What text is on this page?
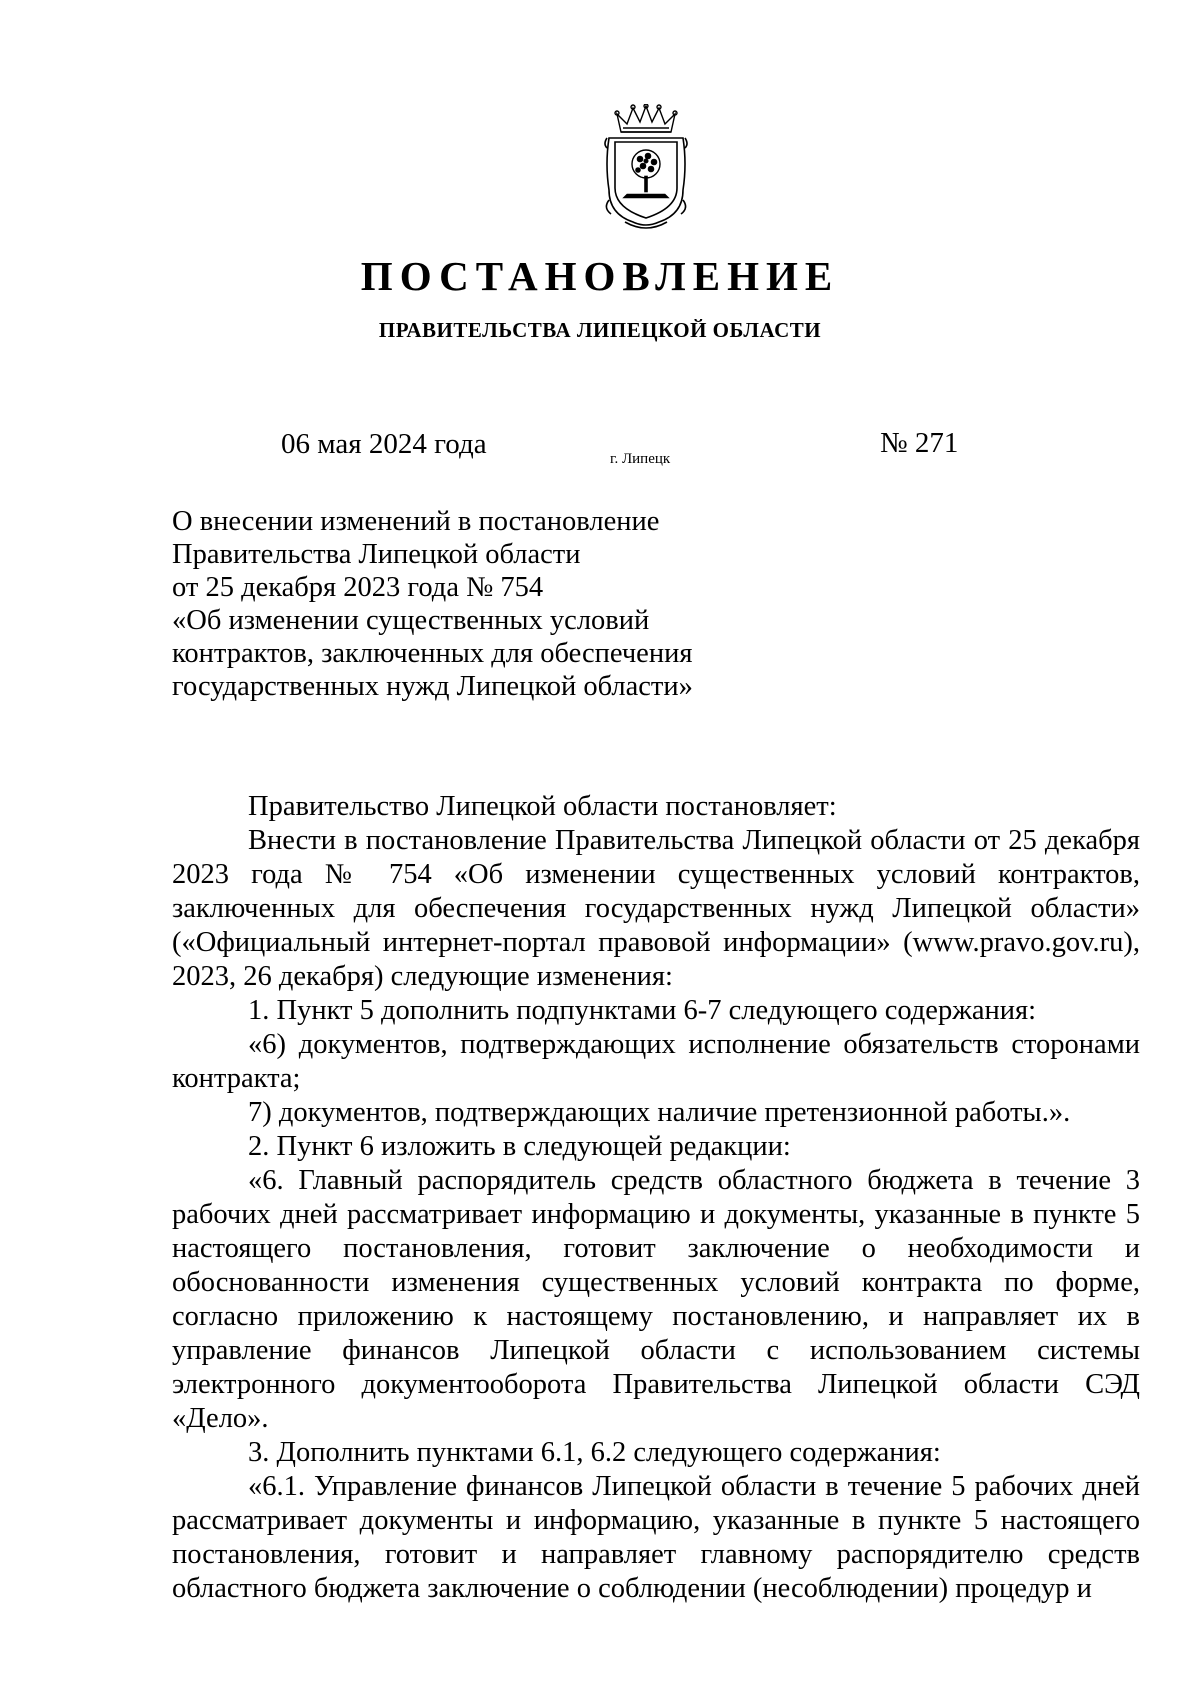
ПОСТАНОВЛЕНИЕ
ПРАВИТЕЛЬСТВА ЛИПЕЦКОЙ ОБЛАСТИ
06 мая 2024 года	г. Липецк	№ 271
О внесении изменений в постановление
Правительства Липецкой области
от 25 декабря 2023 года № 754
«Об изменении существенных условий
контрактов, заключенных для обеспечения
государственных нужд Липецкой области»

Правительство Липецкой области постановляет:

Внести в постановление Правительства Липецкой области от 25 декабря 2023 года № 754 «Об изменении существенных условий контрактов, заключенных для обеспечения государственных нужд Липецкой области» («Официальный интернет-портал правовой информации» (www.pravo.gov.ru), 2023, 26 декабря) следующие изменения:

1. Пункт 5 дополнить подпунктами 6-7 следующего содержания:

«6) документов, подтверждающих исполнение обязательств сторонами контракта;

7) документов, подтверждающих наличие претензионной работы.».

2. Пункт 6 изложить в следующей редакции:

«6. Главный распорядитель средств областного бюджета в течение 3 рабочих дней рассматривает информацию и документы, указанные в пункте 5 настоящего постановления, готовит заключение о необходимости и обоснованности изменения существенных условий контракта по форме, согласно приложению к настоящему постановлению, и направляет их в управление финансов Липецкой области с использованием системы электронного документооборота Правительства Липецкой области СЭД «Дело».

3. Дополнить пунктами 6.1, 6.2 следующего содержания:

«6.1. Управление финансов Липецкой области в течение 5 рабочих дней рассматривает документы и информацию, указанные в пункте 5 настоящего постановления, готовит и направляет главному распорядителю средств областного бюджета заключение о соблюдении (несоблюдении) процедур и
